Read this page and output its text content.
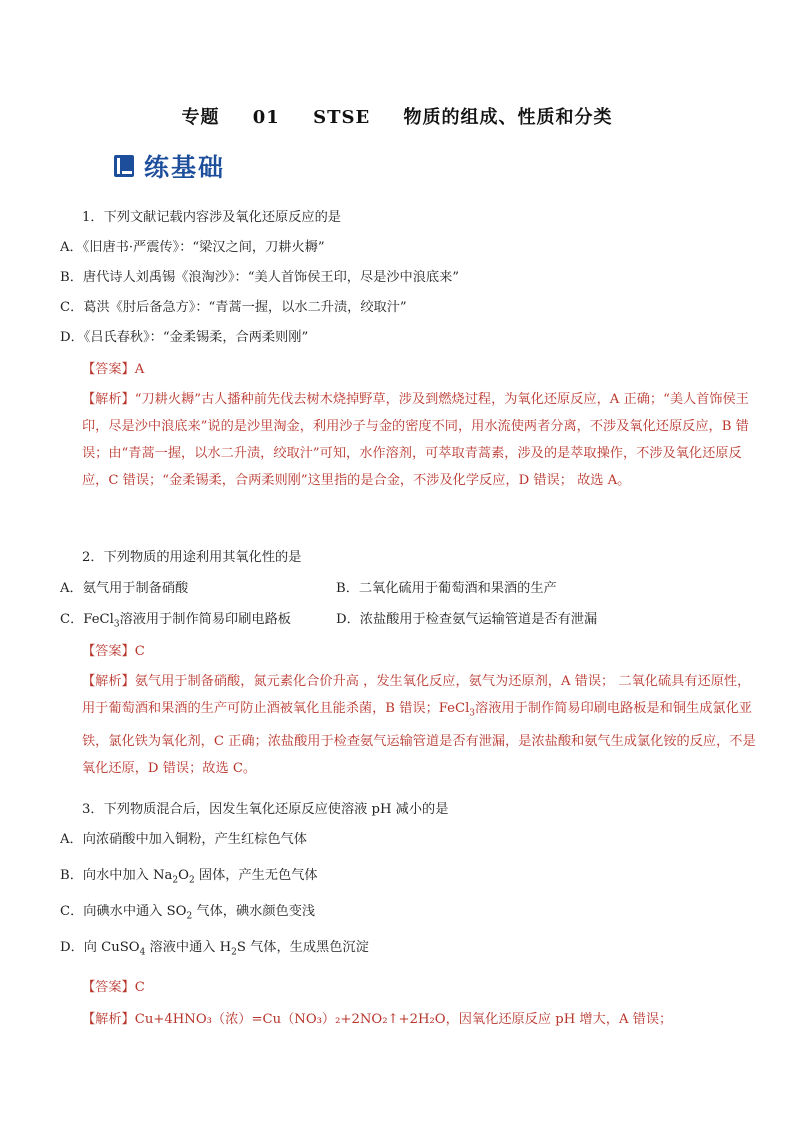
专题 01 STSE 物质的组成、性质和分类
练基础
1．下列文献记载内容涉及氧化还原反应的是
A．《旧唐书·严震传》：“梁汉之间，刀耕火耨”
B．唐代诗人刘禹锡《浪淘沙》：“美人首饰侯王印，尽是沙中浪底来”
C．葛洪《肘后备急方》：“青蒿一握，以水二升渍，绞取汁”
D．《吕氏春秋》：“金柔锡柔，合两柔则刚”
【答案】A
【解析】“刀耕火耨”古人播种前先伐去树木烧掉野草，涉及到燃烧过程，为氧化还原反应，A 正确；“美人首饰侯王印，尽是沙中浪底来”说的是沙里淘金，利用沙子与金的密度不同，用水流使两者分离，不涉及氧化还原反应，B 错误；由“青蒿一握，以水二升渍，绞取汁”可知，水作溶剂，可萃取青蒿素，涉及的是萃取操作，不涉及氧化还原反应，C 错误；“金柔锡柔，合两柔则刚”这里指的是合金，不涉及化学反应，D 错误； 故选 A。
2．下列物质的用途利用其氧化性的是
A．氨气用于制备硝酸	B．二氧化硫用于葡萄酒和果酒的生产
C．FeCl$_3$溶液用于制作简易印刷电路板	D．浓盐酸用于检查氨气运输管道是否有泄漏
【答案】C
【解析】氨气用于制备硝酸，氮元素化合价升高 ，发生氧化反应，氨气为还原剂，A 错误； 二氧化硫具有还原性，用于葡萄酒和果酒的生产可防止酒被氧化且能杀菌，B 错误；FeCl$_3$溶液用于制作简易印刷电路板是和铜生成氯化亚铁，氯化铁为氧化剂，C 正确；浓盐酸用于检查氨气运输管道是否有泄漏，是浓盐酸和氨气生成氯化铵的反应，不是氧化还原，D 错误；故选 C。
3．下列物质混合后，因发生氧化还原反应使溶液 pH 减小的是
A．向浓硝酸中加入铜粉，产生红棕色气体
B．向水中加入 $Na_2O_2$ 固体，产生无色气体
C．向碘水中通入 $SO_2$ 气体，碘水颜色变浅
D．向 CuSO$_4$ 溶液中通入 $H_2S$ 气体，生成黑色沉淀
【答案】C
【解析】Cu+4HNO₃（浓）=Cu（NO₃）₂+2NO₂↑+2H₂O，因氧化还原反应 pH 增大，A 错误；
